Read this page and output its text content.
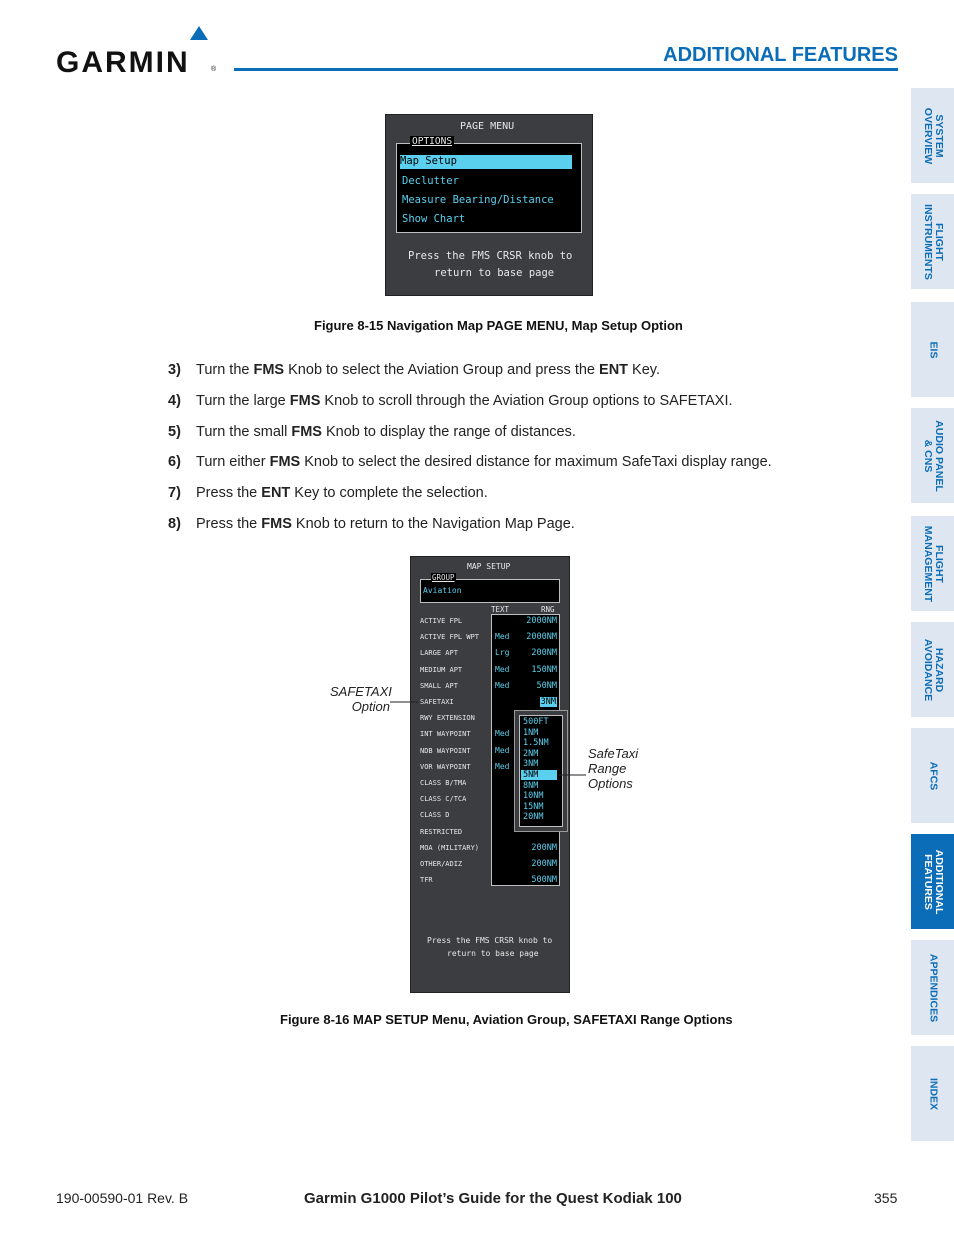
GARMIN	®
ADDITIONAL FEATURES
SYSTEM
OVERVIEW
FLIGHT
INSTRUMENTS
EIS
AUDIO PANEL
& CNS
FLIGHT
MANAGEMENT
HAZARD
AVOIDANCE
AFCS
ADDITIONAL
FEATURES
APPENDICES
INDEX
PAGE MENU
OPTIONS
Map Setup
Declutter
Measure Bearing/Distance
Show Chart
Press the FMS CRSR knob to
return to base page
Figure 8-15 Navigation Map PAGE MENU, Map Setup Option
3) Turn the FMS Knob to select the Aviation Group and press the ENT Key.
4) Turn the large FMS Knob to scroll through the Aviation Group options to SAFETAXI.
5) Turn the small FMS Knob to display the range of distances.
6) Turn either FMS Knob to select the desired distance for maximum SafeTaxi display range.
7) Press the ENT Key to complete the selection.
8) Press the FMS Knob to return to the Navigation Map Page.
MAP SETUP
GROUP
Aviation
TEXT	RNG
ACTIVE FPL	2000NM
ACTIVE FPL WPT Med 2000NM
LARGE APT	Lrg	200NM
MEDIUM APT	Med	150NM
SMALL APT	Med	50NM
SAFETAXI	3NM
RWY EXTENSION
INT WAYPOINT	Med
NDB WAYPOINT	Med
VOR WAYPOINT	Med
CLASS B/TMA
CLASS C/TCA
CLASS D
RESTRICTED
MOA (MILITARY)	200NM
OTHER/ADIZ	200NM
TFR	500NM
Press the FMS CRSR knob to
return to base page
500FT
1NM
1.5NM
2NM
3NM
5NM
8NM
10NM
15NM
20NM
SAFETAXI
Option
SafeTaxi
Range
Options
Figure 8-16 MAP SETUP Menu, Aviation Group, SAFETAXI Range Options
190-00590-01 Rev. B	Garmin G1000 Pilot’s Guide for the Quest Kodiak 100	355
